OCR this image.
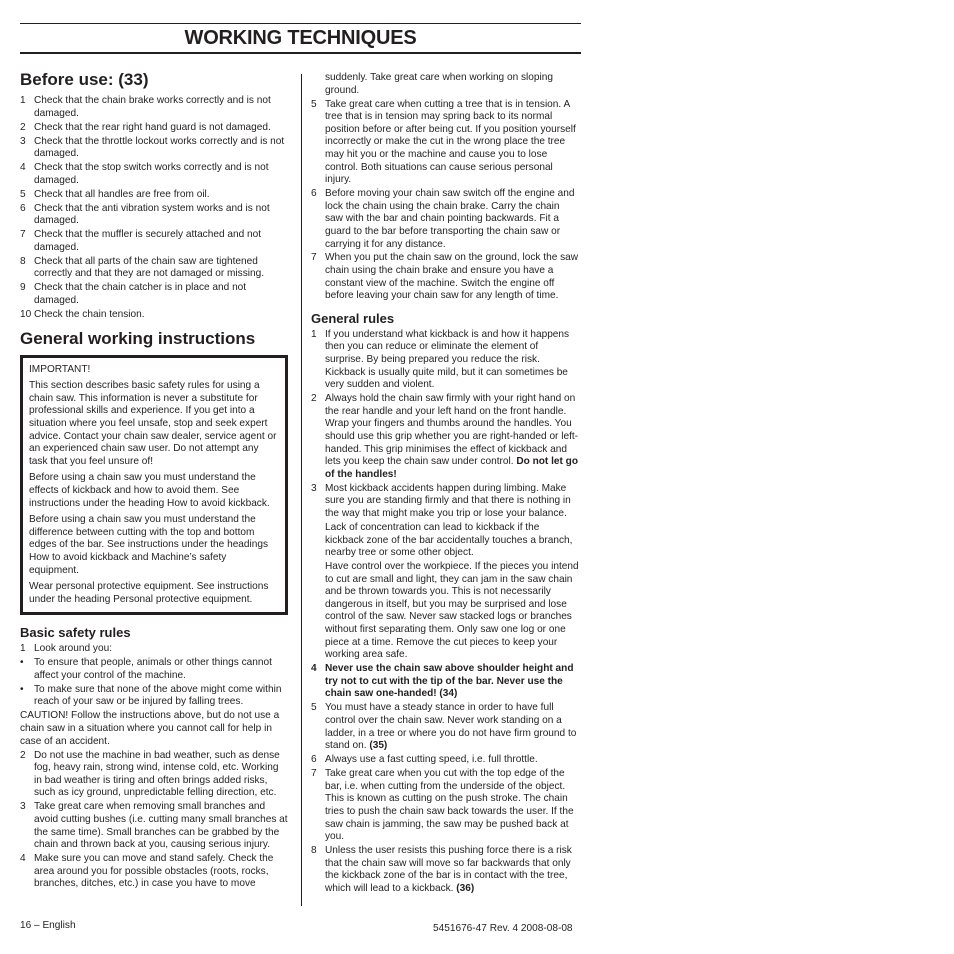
WORKING TECHNIQUES
Before use: (33)
1 Check that the chain brake works correctly and is not damaged.
2 Check that the rear right hand guard is not damaged.
3 Check that the throttle lockout works correctly and is not damaged.
4 Check that the stop switch works correctly and is not damaged.
5 Check that all handles are free from oil.
6 Check that the anti vibration system works and is not damaged.
7 Check that the muffler is securely attached and not damaged.
8 Check that all parts of the chain saw are tightened correctly and that they are not damaged or missing.
9 Check that the chain catcher is in place and not damaged.
10 Check the chain tension.
General working instructions

IMPORTANT!

This section describes basic safety rules for using a chain saw. This information is never a substitute for professional skills and experience. If you get into a situation where you feel unsafe, stop and seek expert advice. Contact your chain saw dealer, service agent or an experienced chain saw user. Do not attempt any task that you feel unsure of!

Before using a chain saw you must understand the effects of kickback and how to avoid them. See instructions under the heading How to avoid kickback.

Before using a chain saw you must understand the difference between cutting with the top and bottom edges of the bar. See instructions under the headings How to avoid kickback and Machine’s safety equipment.

Wear personal protective equipment. See instructions under the heading Personal protective equipment.

Basic safety rules
1 Look around you:
• To ensure that people, animals or other things cannot affect your control of the machine.
• To make sure that none of the above might come within reach of your saw or be injured by falling trees.
CAUTION! Follow the instructions above, but do not use a chain saw in a situation where you cannot call for help in case of an accident.
2 Do not use the machine in bad weather, such as dense fog, heavy rain, strong wind, intense cold, etc. Working in bad weather is tiring and often brings added risks, such as icy ground, unpredictable felling direction, etc.
3 Take great care when removing small branches and avoid cutting bushes (i.e. cutting many small branches at the same time). Small branches can be grabbed by the chain and thrown back at you, causing serious injury.
4 Make sure you can move and stand safely. Check the area around you for possible obstacles (roots, rocks, branches, ditches, etc.) in case you have to move
suddenly. Take great care when working on sloping ground.
5 Take great care when cutting a tree that is in tension. A tree that is in tension may spring back to its normal position before or after being cut. If you position yourself incorrectly or make the cut in the wrong place the tree may hit you or the machine and cause you to lose control. Both situations can cause serious personal injury.
6 Before moving your chain saw switch off the engine and lock the chain using the chain brake. Carry the chain saw with the bar and chain pointing backwards. Fit a guard to the bar before transporting the chain saw or carrying it for any distance.
7 When you put the chain saw on the ground, lock the saw chain using the chain brake and ensure you have a constant view of the machine. Switch the engine off before leaving your chain saw for any length of time.
General rules
1 If you understand what kickback is and how it happens then you can reduce or eliminate the element of surprise. By being prepared you reduce the risk. Kickback is usually quite mild, but it can sometimes be very sudden and violent.
2 Always hold the chain saw firmly with your right hand on the rear handle and your left hand on the front handle. Wrap your fingers and thumbs around the handles. You should use this grip whether you are right-handed or left-handed. This grip minimises the effect of kickback and lets you keep the chain saw under control. Do not let go of the handles!
3 Most kickback accidents happen during limbing. Make sure you are standing firmly and that there is nothing in the way that might make you trip or lose your balance.
Lack of concentration can lead to kickback if the kickback zone of the bar accidentally touches a branch, nearby tree or some other object.
Have control over the workpiece. If the pieces you intend to cut are small and light, they can jam in the saw chain and be thrown towards you. This is not necessarily dangerous in itself, but you may be surprised and lose control of the saw. Never saw stacked logs or branches without first separating them. Only saw one log or one piece at a time. Remove the cut pieces to keep your working area safe.
4 Never use the chain saw above shoulder height and try not to cut with the tip of the bar. Never use the chain saw one-handed! (34)
5 You must have a steady stance in order to have full control over the chain saw. Never work standing on a ladder, in a tree or where you do not have firm ground to stand on. (35)
6 Always use a fast cutting speed, i.e. full throttle.
7 Take great care when you cut with the top edge of the bar, i.e. when cutting from the underside of the object. This is known as cutting on the push stroke. The chain tries to push the chain saw back towards the user. If the saw chain is jamming, the saw may be pushed back at you.
8 Unless the user resists this pushing force there is a risk that the chain saw will move so far backwards that only the kickback zone of the bar is in contact with the tree, which will lead to a kickback. (36)
16 – English	5451676-47 Rev. 4 2008-08-08
